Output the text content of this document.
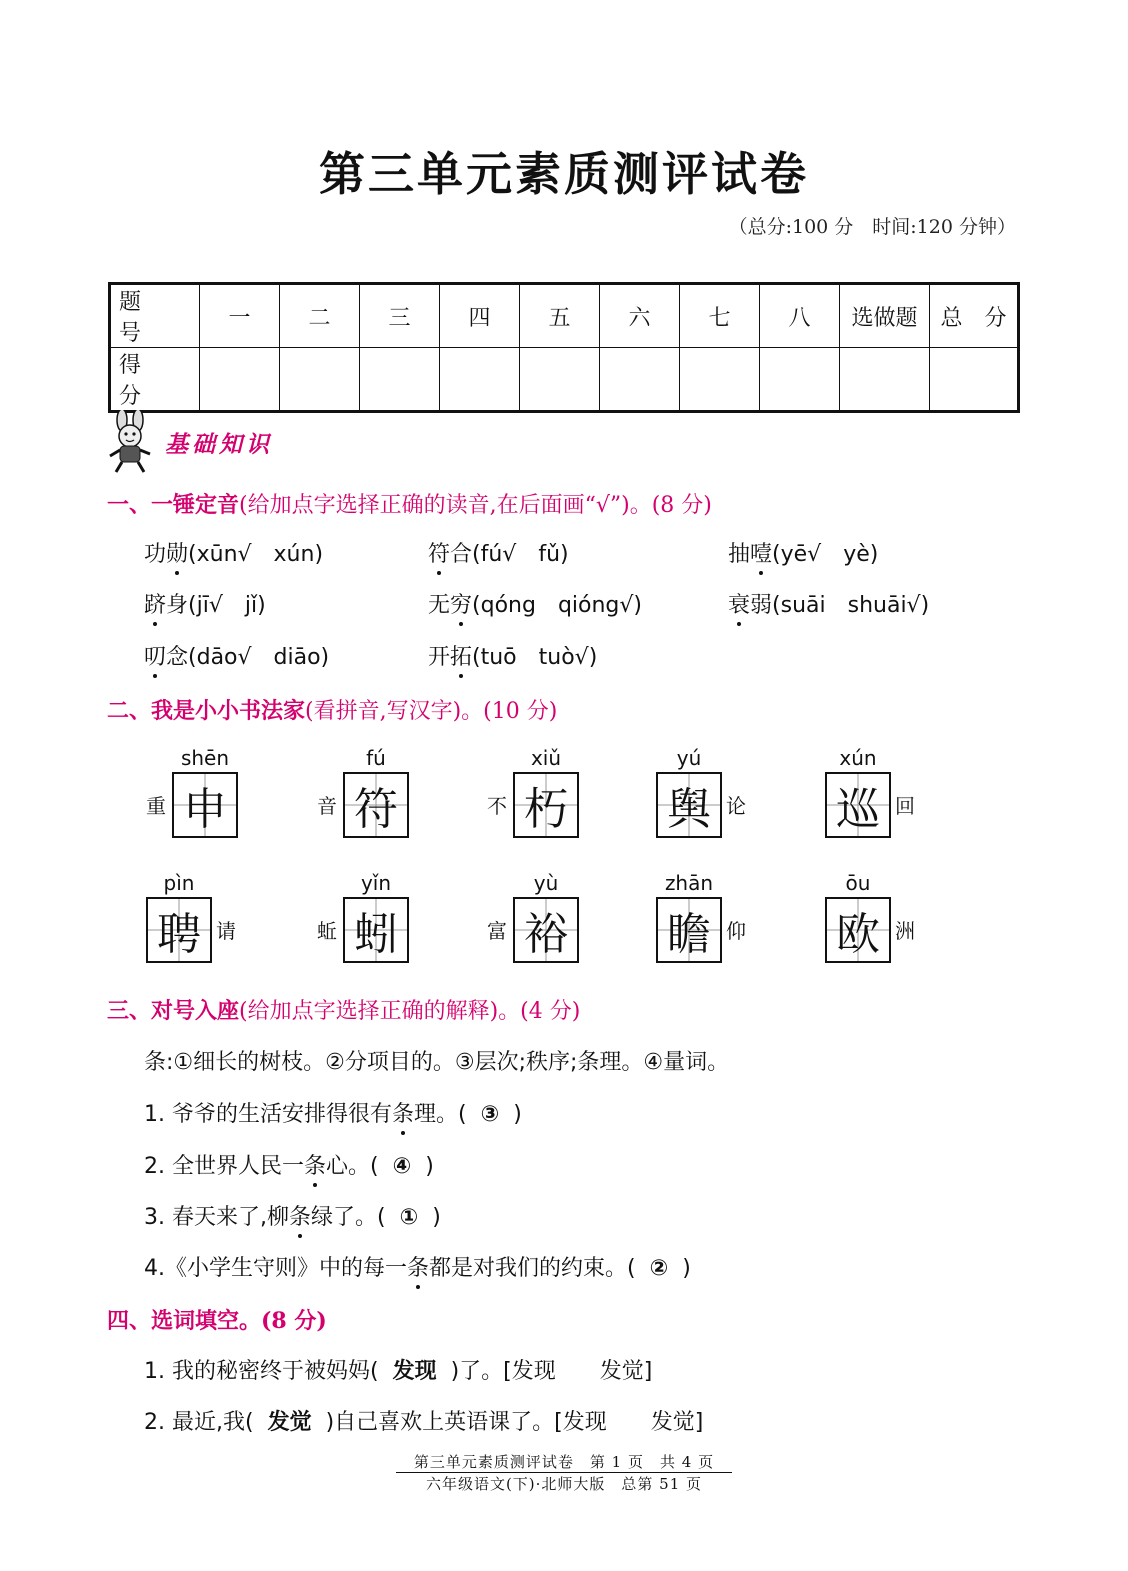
第三单元素质测评试卷
（总分:100 分　时间:120 分钟）
题　号	一	二	三	四	五	六	七	八	选做题	总　分
得　分										
基础知识
一、一锤定音(给加点字选择正确的读音,在后面画“√”)。(8 分)
功勋(xūn√　xún)	符合(fú√　fǔ)	抽噎(yē√　yè)
跻身(jī√　jǐ)	无穷(qóng　qióng√)	衰弱(suāi　shuāi√)
叨念(dāo√　diāo)	开拓(tuō　tuò√)
二、我是小小书法家(看拼音,写汉字)。(10 分)
shēn
重 申
fú
音 符
xiǔ
不 朽
yú
舆 论
xún
巡 回
pìn
聘 请
yǐn
蚯 蚓
yù
富 裕
zhān
瞻 仰
ōu
欧 洲
三、对号入座(给加点字选择正确的解释)。(4 分)
条:①细长的树枝。②分项目的。③层次;秩序;条理。④量词。
1. 爷爷的生活安排得很有条理。( ③ )
2. 全世界人民一条心。( ④ )
3. 春天来了,柳条绿了。( ① )
4.《小学生守则》中的每一条都是对我们的约束。( ② )
四、选词填空。(8 分)
1. 我的秘密终于被妈妈( 发现 )了。[发现　　发觉]
2. 最近,我( 发觉 )自己喜欢上英语课了。[发现　　发觉]
第三单元素质测评试卷　第 1 页　共 4 页
六年级语文(下)·北师大版　总第 51 页
